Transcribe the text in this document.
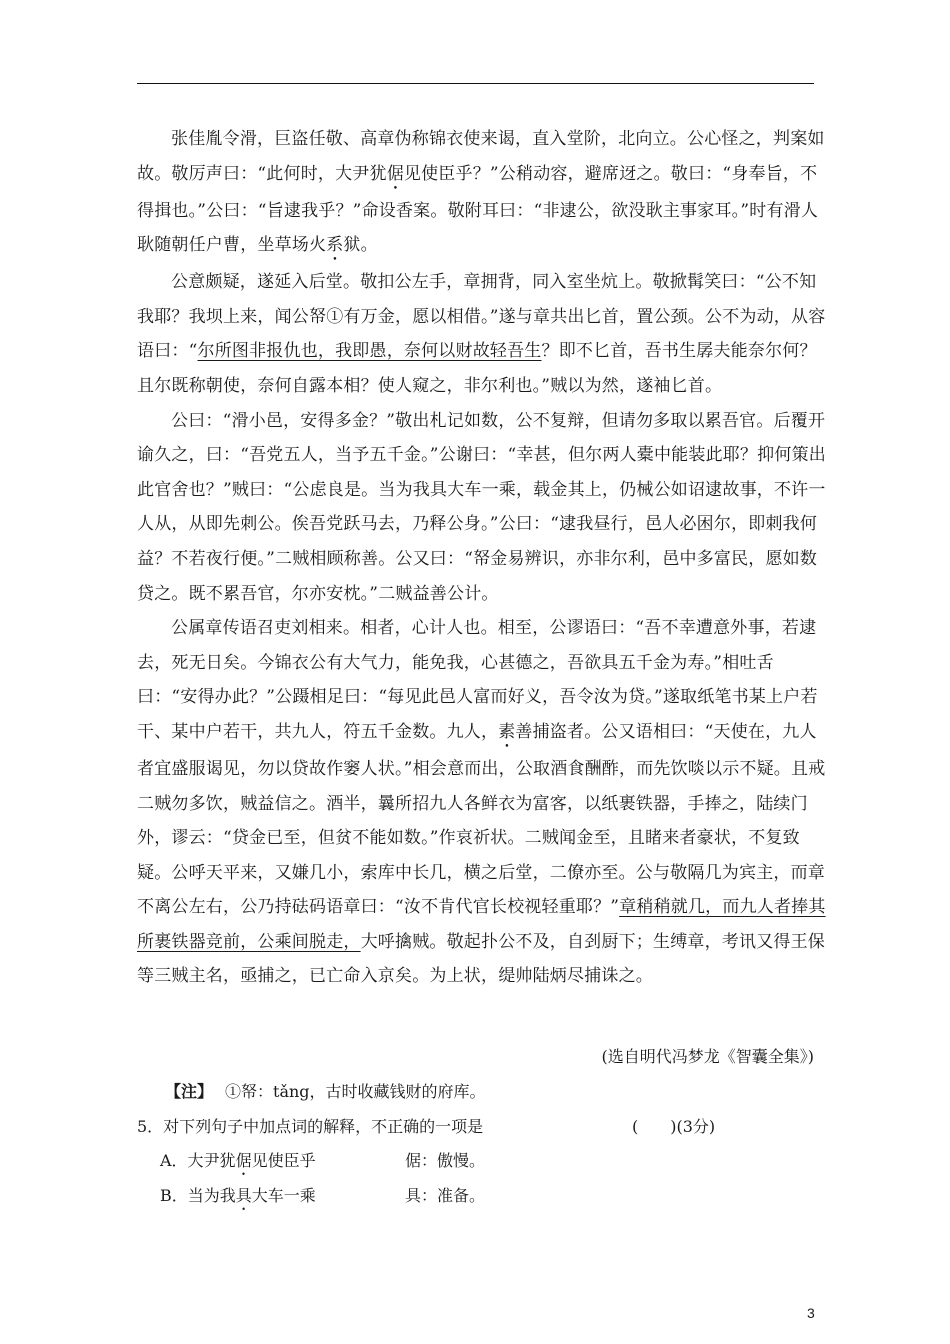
张佳胤令滑，巨盗任敬、高章伪称锦衣使来谒，直入堂阶，北向立。公心怪之，判案如故。敬厉声曰：“此何时，大尹犹倨见使臣乎？”公稍动容，避席迓之。敬曰：“身奉旨，不得揖也。”公曰：“旨逮我乎？”命设香案。敬附耳曰：“非逮公，欲没耿主事家耳。”时有滑人耿随朝任户曹，坐草场火系狱。

公意颇疑，遂延入后堂。敬扣公左手，章拥背，同入室坐炕上。敬掀髯笑曰：“公不知我耶？我坝上来，闻公帑①有万金，愿以相借。”遂与章共出匕首，置公颈。公不为动，从容语曰：“尔所图非报仇也，我即愚，奈何以财故轻吾生？即不匕首，吾书生孱夫能奈尔何？且尔既称朝使，奈何自露本相？使人窥之，非尔利也。”贼以为然，遂袖匕首。

公曰：“滑小邑，安得多金？”敬出札记如数，公不复辩，但请勿多取以累吾官。后覆开谕久之，曰：“吾党五人，当予五千金。”公谢曰：“幸甚，但尔两人橐中能装此耶？抑何策出此官舍也？”贼曰：“公虑良是。当为我具大车一乘，载金其上，仍械公如诏逮故事，不许一人从，从即先刺公。俟吾党跃马去，乃释公身。”公曰：“逮我昼行，邑人必困尔，即刺我何益？不若夜行便。”二贼相顾称善。公又曰：“帑金易辨识，亦非尔利，邑中多富民，愿如数贷之。既不累吾官，尔亦安枕。”二贼益善公计。

公属章传语召吏刘相来。相者，心计人也。相至，公谬语曰：“吾不幸遭意外事，若逮去，死无日矣。今锦衣公有大气力，能免我，心甚德之，吾欲具五千金为寿。”相吐舌曰：“安得办此？”公蹑相足曰：“每见此邑人富而好义，吾令汝为贷。”遂取纸笔书某上户若干、某中户若干，共九人，符五千金数。九人，素善捕盗者。公又语相曰：“天使在，九人者宜盛服谒见，勿以贷故作窭人状。”相会意而出，公取酒食酬酢，而先饮啖以示不疑。且戒二贼勿多饮，贼益信之。酒半，曩所招九人各鲜衣为富客，以纸裹铁器，手捧之，陆续门外，谬云：“贷金已至，但贫不能如数。”作哀祈状。二贼闻金至，且睹来者豪状，不复致疑。公呼天平来，又嫌几小，索库中长几，横之后堂，二僚亦至。公与敬隔几为宾主，而章不离公左右，公乃持砝码语章曰：“汝不肯代官长校视轻重耶？”章稍稍就几，而九人者捧其所裹铁器竞前，公乘间脱走，大呼擒贼。敬起扑公不及，自刭厨下；生缚章，考讯又得王保等三贼主名，亟捕之，已亡命入京矣。为上状，缇帅陆炳尽捕诛之。

(选自明代冯梦龙《智囊全集》)
【注】 ①帑：tǎng，古时收藏钱财的府库。
5．对下列句子中加点词的解释，不正确的一项是	(　　)(3分)
A．大尹犹倨见使臣乎	倨：傲慢。
B．当为我具大车一乘	具：准备。
3
